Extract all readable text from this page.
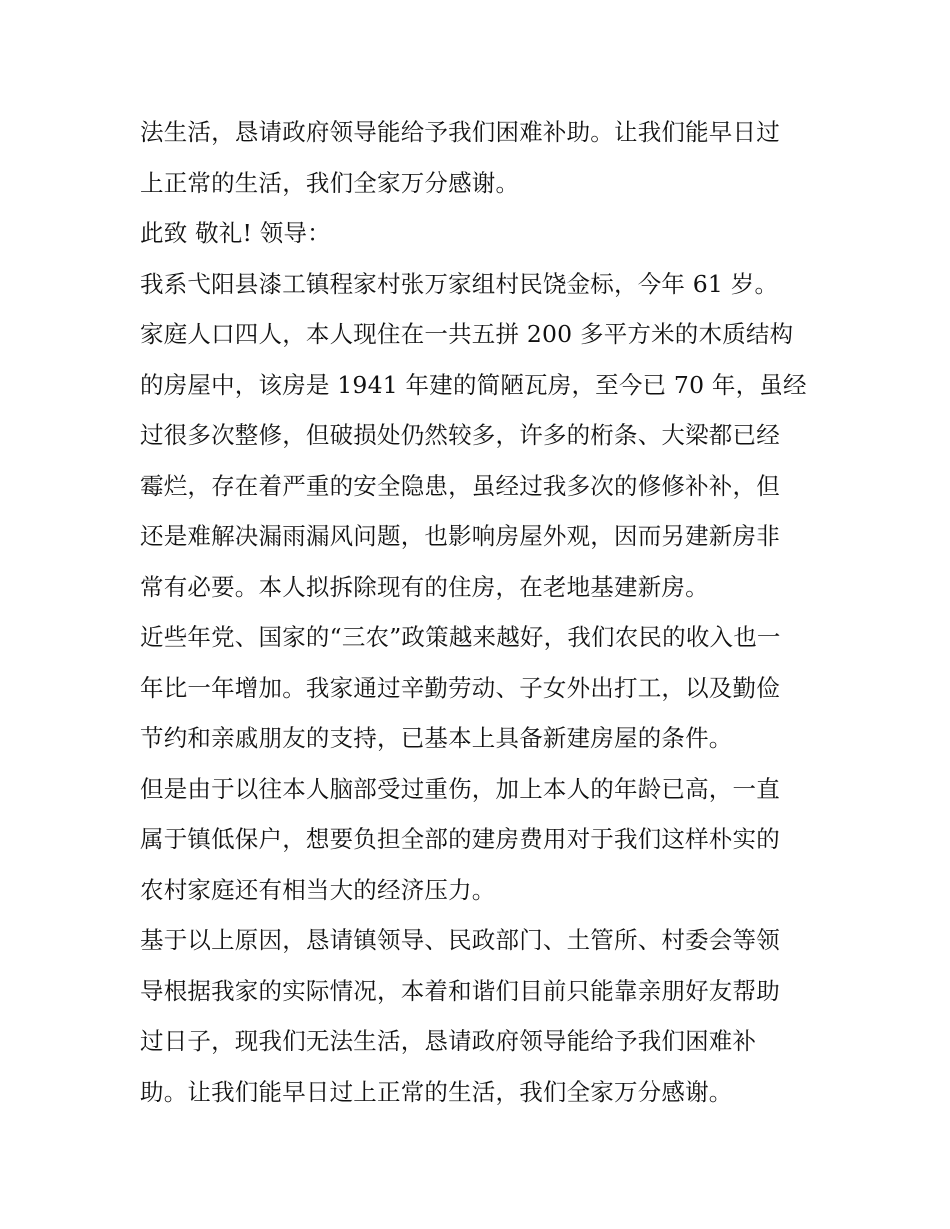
法生活，恳请政府领导能给予我们困难补助。让我们能早日过
上正常的生活，我们全家万分感谢。
此致 敬礼! 领导：
我系弋阳县漆工镇程家村张万家组村民饶金标，今年 61 岁。
家庭人口四人，本人现住在一共五拼 200 多平方米的木质结构
的房屋中，该房是 1941 年建的简陋瓦房，至今已 70 年，虽经
过很多次整修，但破损处仍然较多，许多的桁条、大梁都已经
霉烂，存在着严重的安全隐患，虽经过我多次的修修补补，但
还是难解决漏雨漏风问题，也影响房屋外观，因而另建新房非
常有必要。本人拟拆除现有的住房，在老地基建新房。
近些年党、国家的“三农”政策越来越好，我们农民的收入也一
年比一年增加。我家通过辛勤劳动、子女外出打工，以及勤俭
节约和亲戚朋友的支持，已基本上具备新建房屋的条件。
但是由于以往本人脑部受过重伤，加上本人的年龄已高，一直
属于镇低保户，想要负担全部的建房费用对于我们这样朴实的
农村家庭还有相当大的经济压力。
基于以上原因，恳请镇领导、民政部门、土管所、村委会等领
导根据我家的实际情况，本着和谐们目前只能靠亲朋好友帮助
过日子，现我们无法生活，恳请政府领导能给予我们困难补
助。让我们能早日过上正常的生活，我们全家万分感谢。
